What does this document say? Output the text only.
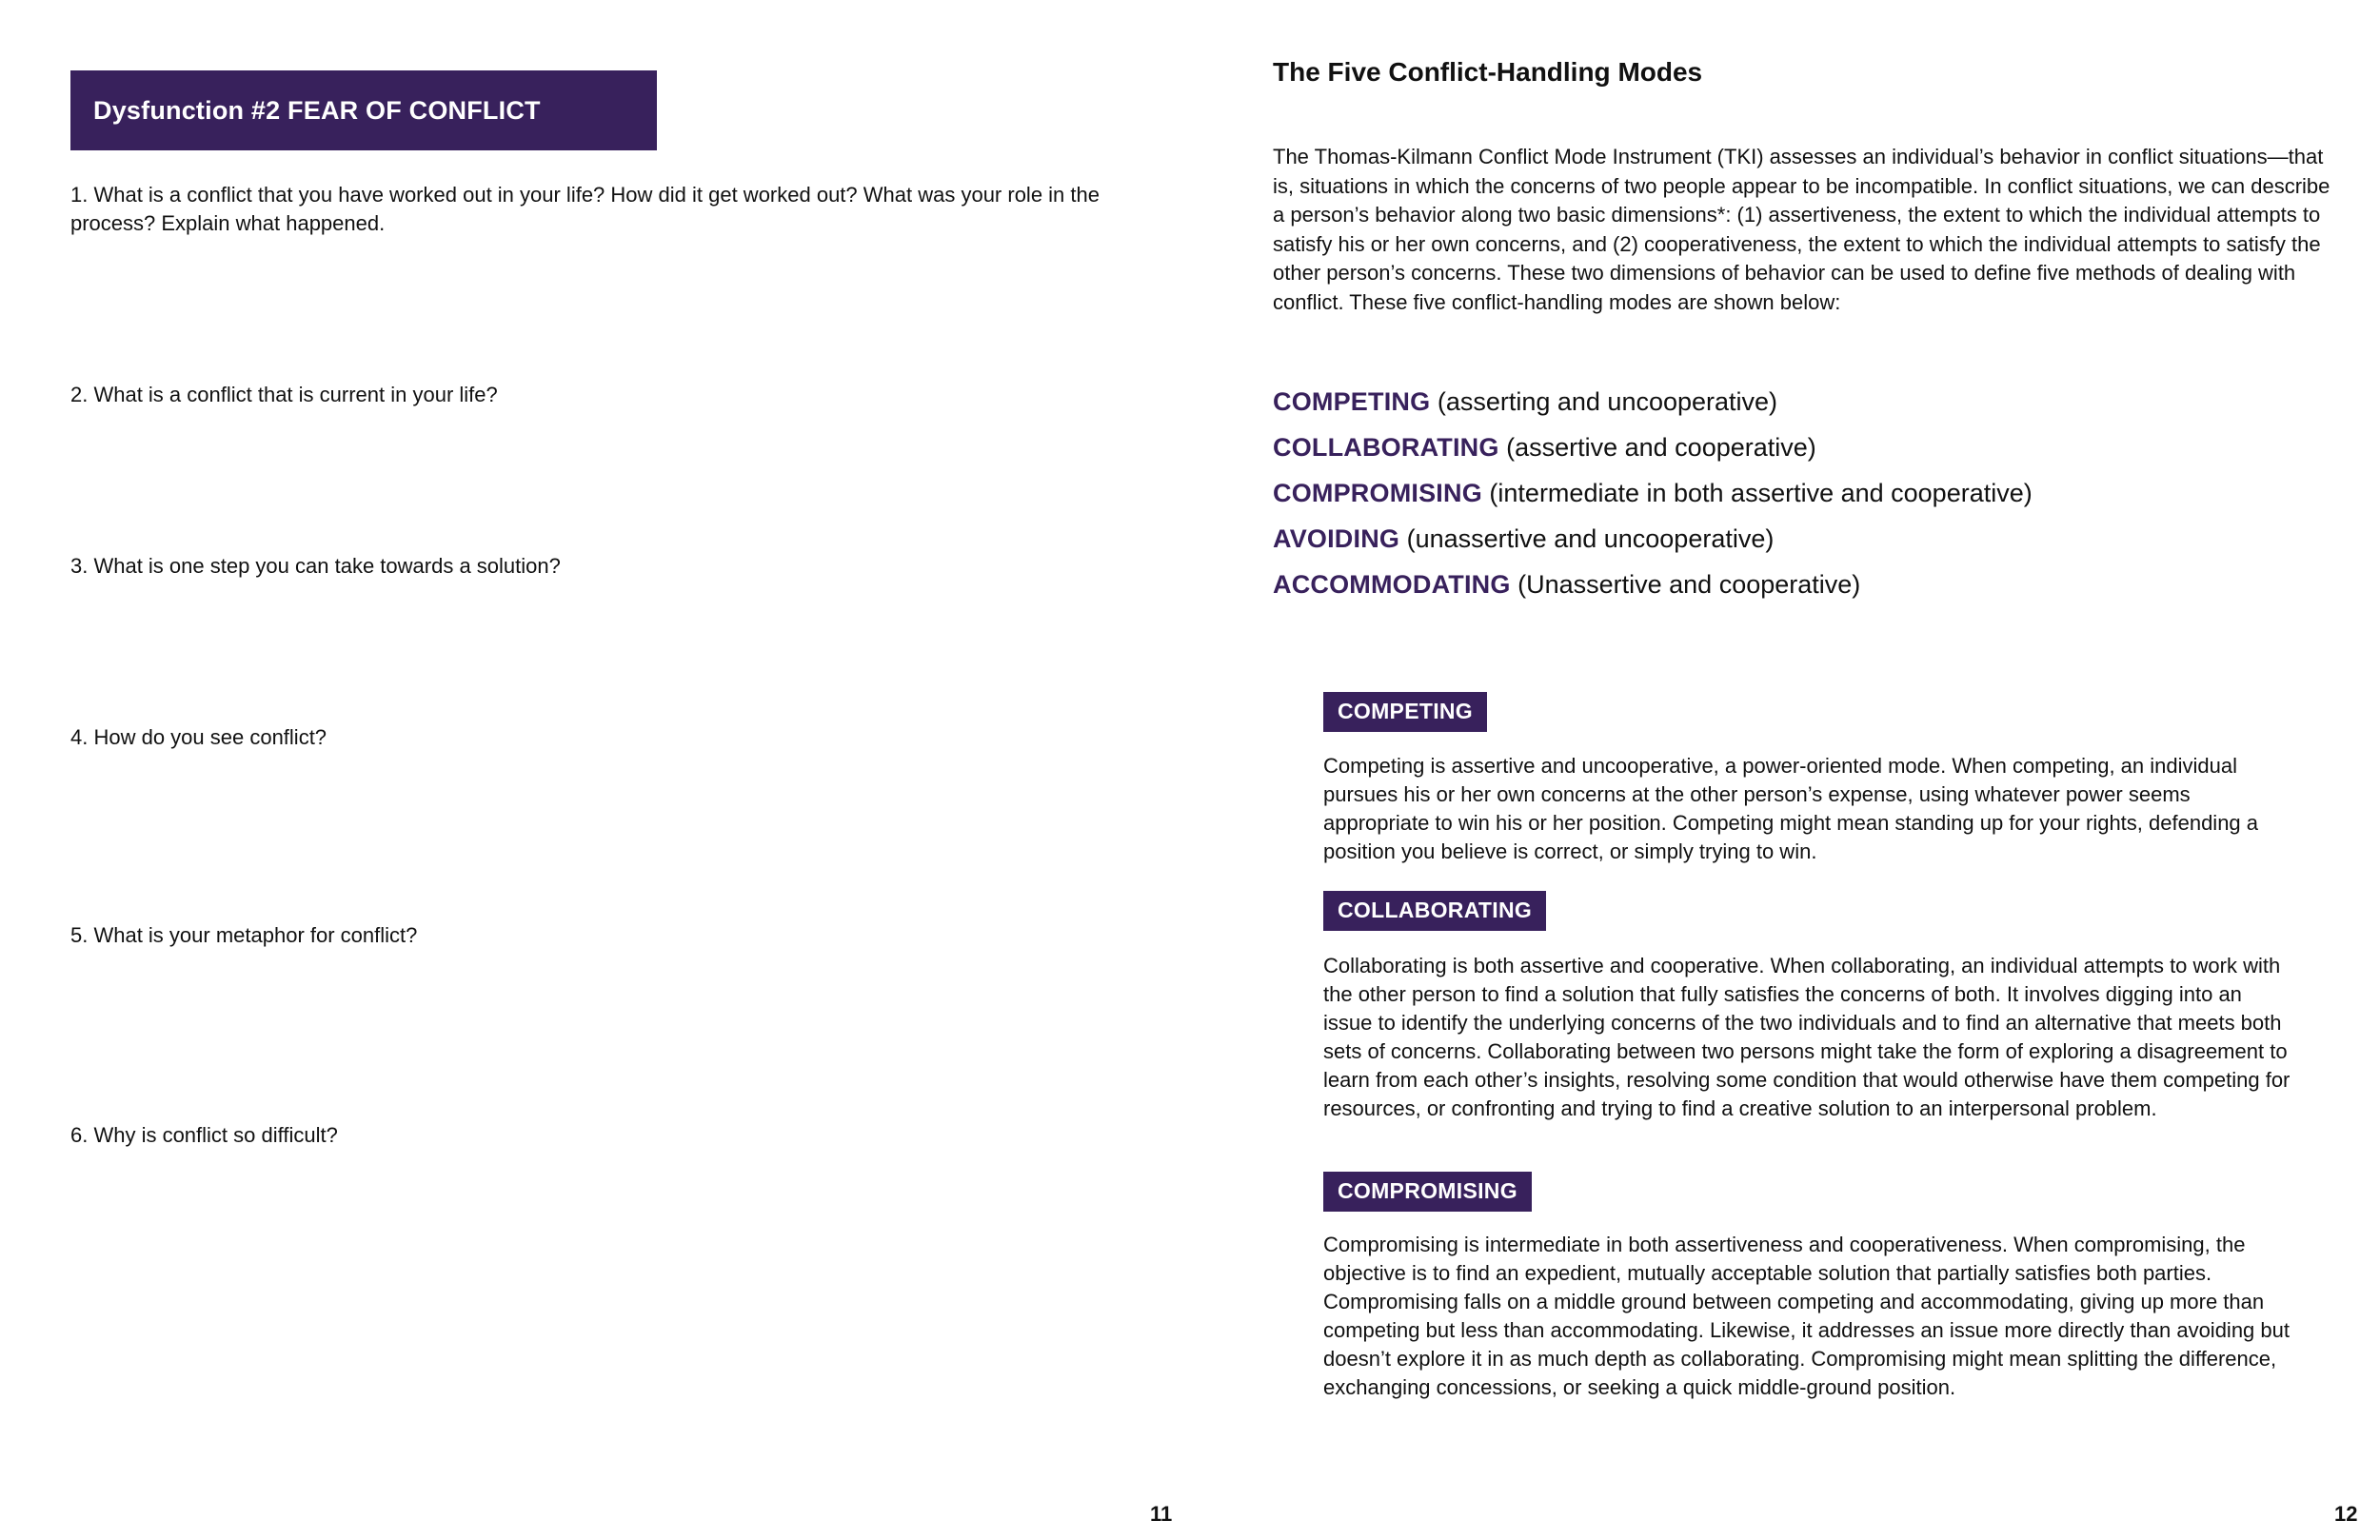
Dysfunction #2 FEAR OF CONFLICT

1. What is a conflict that you have worked out in your life? How did it get worked out? What was your role in the process? Explain what happened.

2. What is a conflict that is current in your life?

3. What is one step you can take towards a solution?

4. How do you see conflict?

5. What is your metaphor for conflict?

6. Why is conflict so difficult?

The Five Conflict-Handling Modes

The Thomas-Kilmann Conflict Mode Instrument (TKI) assesses an individual’s behavior in conflict situations—that is, situations in which the concerns of two people appear to be incompatible. In conflict situations, we can describe a person’s behavior along two basic dimensions*: (1) assertiveness, the extent to which the individual attempts to satisfy his or her own concerns, and (2) cooperativeness, the extent to which the individual attempts to satisfy the other person’s concerns. These two dimensions of behavior can be used to define five methods of dealing with conflict. These five conflict-handling modes are shown below:

COMPETING (asserting and uncooperative)
COLLABORATING (assertive and cooperative)
COMPROMISING (intermediate in both assertive and cooperative)
AVOIDING (unassertive and uncooperative)
ACCOMMODATING (Unassertive and cooperative)
COMPETING

Competing is assertive and uncooperative, a power-oriented mode. When competing, an individual pursues his or her own concerns at the other person’s expense, using whatever power seems appropriate to win his or her position. Competing might mean standing up for your rights, defending a position you believe is correct, or simply trying to win.

COLLABORATING

Collaborating is both assertive and cooperative. When collaborating, an individual attempts to work with the other person to find a solution that fully satisfies the concerns of both. It involves digging into an issue to identify the underlying concerns of the two individuals and to find an alternative that meets both sets of concerns. Collaborating between two persons might take the form of exploring a disagreement to learn from each other’s insights, resolving some condition that would otherwise have them competing for resources, or confronting and trying to find a creative solution to an interpersonal problem.

COMPROMISING

Compromising is intermediate in both assertiveness and cooperativeness. When compromising, the objective is to find an expedient, mutually acceptable solution that partially satisfies both parties. Compromising falls on a middle ground between competing and accommodating, giving up more than competing but less than accommodating. Likewise, it addresses an issue more directly than avoiding but doesn’t explore it in as much depth as collaborating. Compromising might mean splitting the difference, exchanging concessions, or seeking a quick middle-ground position.

11	12
